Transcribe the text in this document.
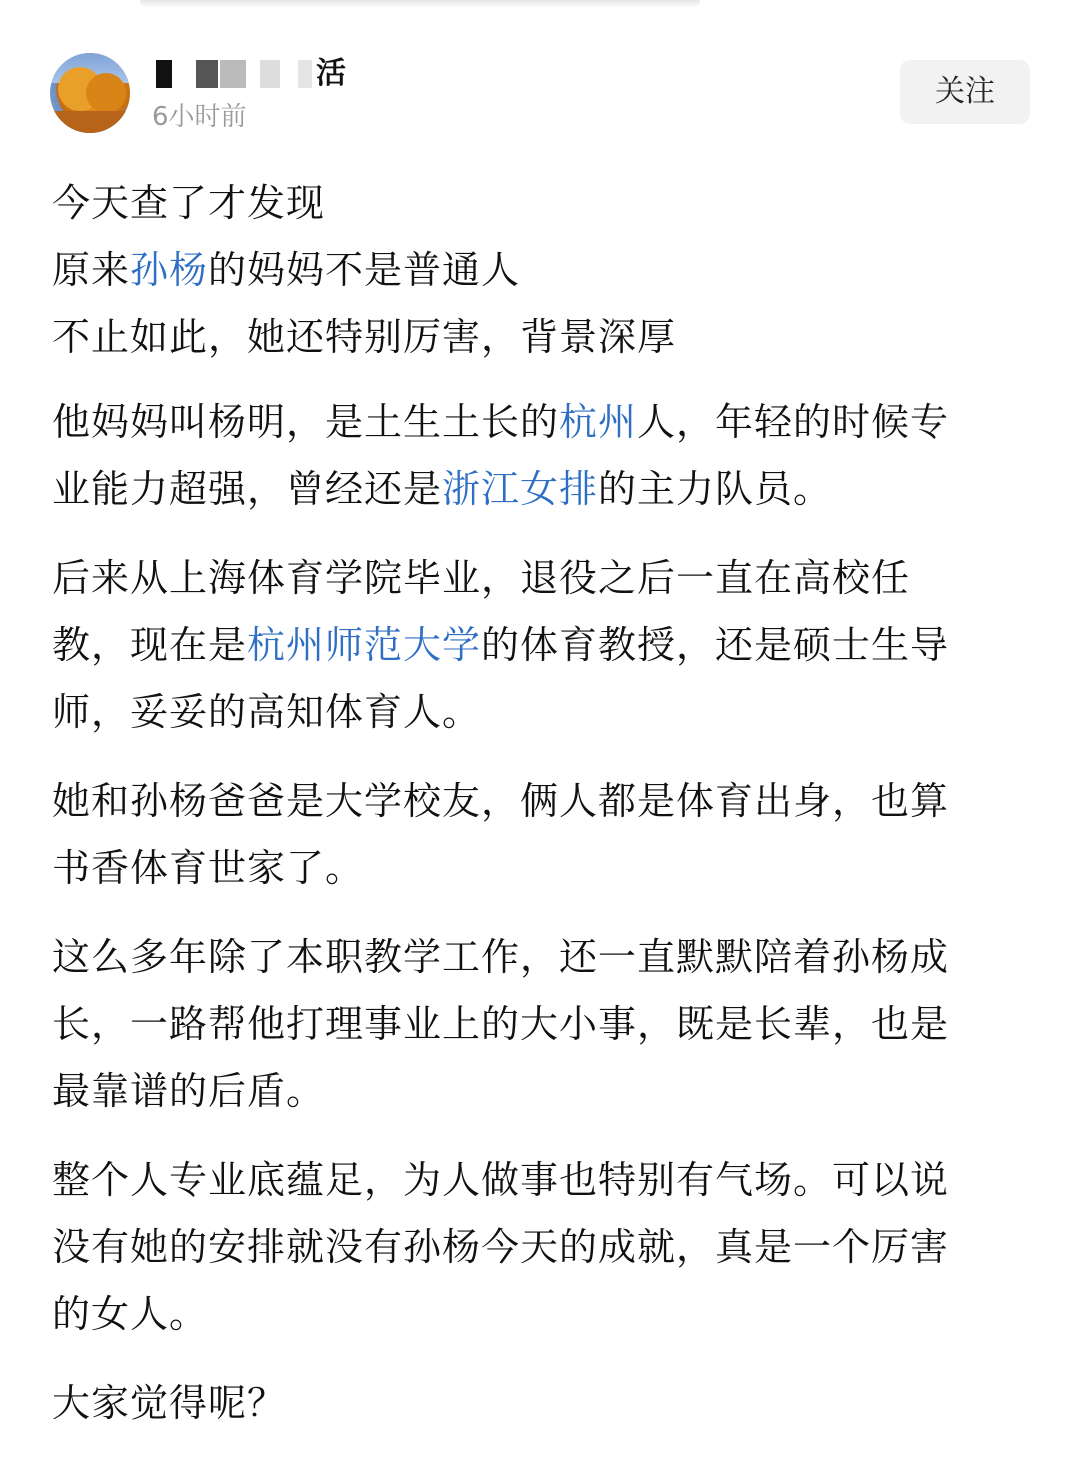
活
6小时前
关注
今天查了才发现
原来孙杨的妈妈不是普通人
不止如此，她还特别厉害，背景深厚
他妈妈叫杨明，是土生土长的杭州人，年轻的时候专
业能力超强，曾经还是浙江女排的主力队员。
后来从上海体育学院毕业，退役之后一直在高校任
教，现在是杭州师范大学的体育教授，还是硕士生导
师，妥妥的高知体育人。
她和孙杨爸爸是大学校友，俩人都是体育出身，也算
书香体育世家了。
这么多年除了本职教学工作，还一直默默陪着孙杨成
长，一路帮他打理事业上的大小事，既是长辈，也是
最靠谱的后盾。
整个人专业底蕴足，为人做事也特别有气场。可以说
没有她的安排就没有孙杨今天的成就，真是一个厉害
的女人。
大家觉得呢？
